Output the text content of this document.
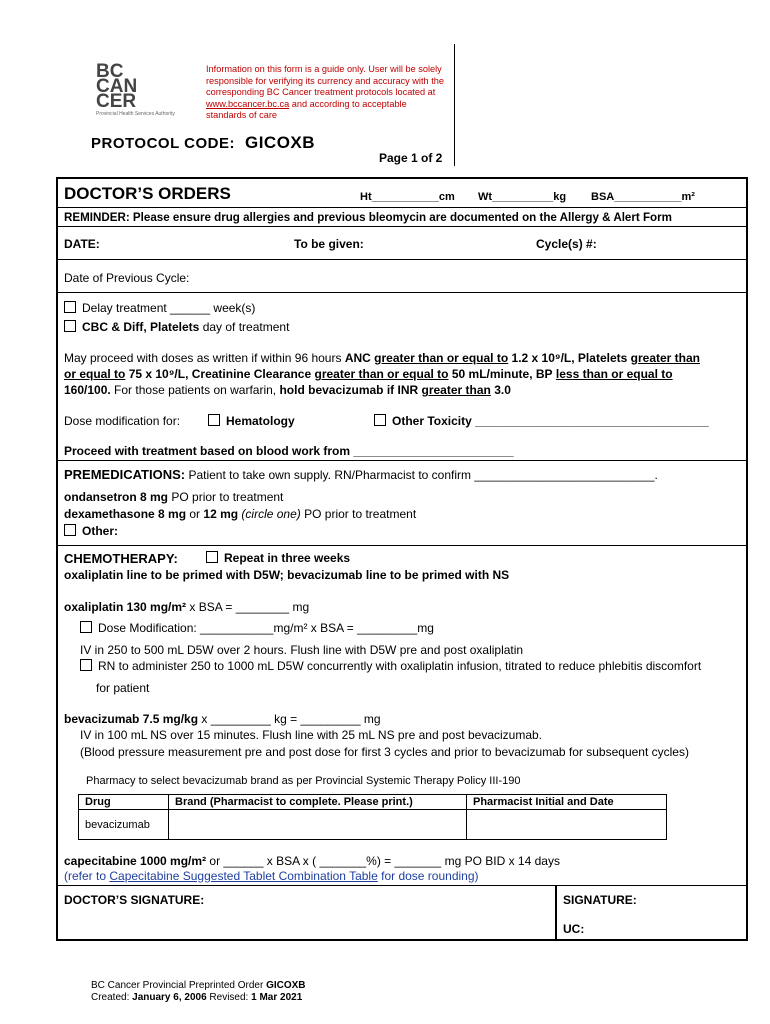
BC
CAN
CER
Provincial Health Services Authority
Information on this form is a guide only. User will be solely responsible for verifying its currency and accuracy with the corresponding BC Cancer treatment protocols located at www.bccancer.bc.ca and according to acceptable standards of care
PROTOCOL CODE: GICOXB
Page 1 of 2
DOCTOR’S ORDERS	Ht___________cm Wt__________kg BSA___________m²
REMINDER: Please ensure drug allergies and previous bleomycin are documented on the Allergy & Alert Form
DATE:	To be given:	Cycle(s) #:
Date of Previous Cycle:
Delay treatment ______ week(s)
CBC & Diff, Platelets day of treatment
May proceed with doses as written if within 96 hours ANC greater than or equal to 1.2 x 10⁹/L, Platelets greater than
or equal to 75 x 10⁹/L, Creatinine Clearance greater than or equal to 50 mL/minute, BP less than or equal to
160/100. For those patients on warfarin, hold bevacizumab if INR greater than 3.0
Dose modification for:	Hematology	Other Toxicity ___________________________________
Proceed with treatment based on blood work from ________________________
PREMEDICATIONS: Patient to take own supply. RN/Pharmacist to confirm ___________________________.
ondansetron 8 mg PO prior to treatment
dexamethasone 8 mg or 12 mg (circle one) PO prior to treatment
Other:
CHEMOTHERAPY:	Repeat in three weeks
oxaliplatin line to be primed with D5W; bevacizumab line to be primed with NS
oxaliplatin 130 mg/m² x BSA = ________ mg
Dose Modification: ___________mg/m² x BSA = _________mg
IV in 250 to 500 mL D5W over 2 hours. Flush line with D5W pre and post oxaliplatin
RN to administer 250 to 1000 mL D5W concurrently with oxaliplatin infusion, titrated to reduce phlebitis discomfort
for patient
bevacizumab 7.5 mg/kg x _________ kg = _________ mg
IV in 100 mL NS over 15 minutes. Flush line with 25 mL NS pre and post bevacizumab.
(Blood pressure measurement pre and post dose for first 3 cycles and prior to bevacizumab for subsequent cycles)
Pharmacy to select bevacizumab brand as per Provincial Systemic Therapy Policy III-190
Drug	Brand (Pharmacist to complete. Please print.)	Pharmacist Initial and Date
bevacizumab		
capecitabine 1000 mg/m² or ______ x BSA x ( _______%) = _______ mg PO BID x 14 days
(refer to Capecitabine Suggested Tablet Combination Table for dose rounding)
DOCTOR’S SIGNATURE:	SIGNATURE:
UC:
BC Cancer Provincial Preprinted Order GICOXB
Created: January 6, 2006 Revised: 1 Mar 2021
